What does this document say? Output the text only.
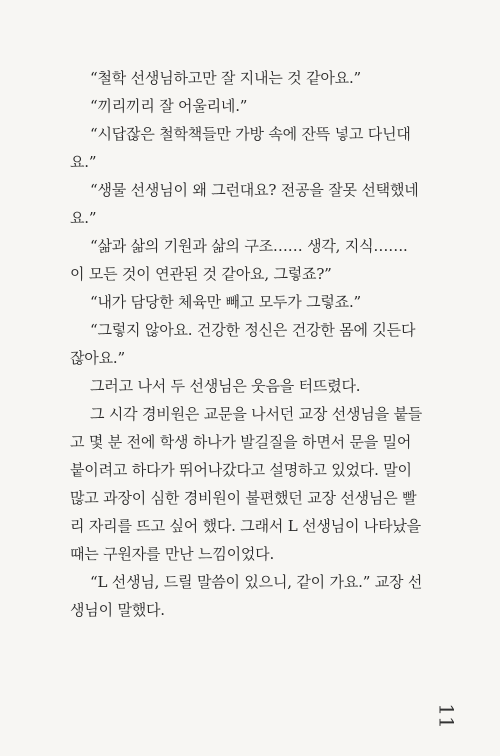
“철학 선생님하고만 잘 지내는 것 같아요.”
“끼리끼리 잘 어울리네.”
“시답잖은 철학책들만 가방 속에 잔뜩 넣고 다닌대
요.”
“생물 선생님이 왜 그런대요? 전공을 잘못 선택했네
요.”
“삶과 삶의 기원과 삶의 구조…… 생각, 지식…….
이 모든 것이 연관된 것 같아요, 그렇죠?”
“내가 담당한 체육만 빼고 모두가 그렇죠.”
“그렇지 않아요. 건강한 정신은 건강한 몸에 깃든다
잖아요.”
그러고 나서 두 선생님은 웃음을 터뜨렸다.
그 시각 경비원은 교문을 나서던 교장 선생님을 붙들
고 몇 분 전에 학생 하나가 발길질을 하면서 문을 밀어
붙이려고 하다가 뛰어나갔다고 설명하고 있었다. 말이
많고 과장이 심한 경비원이 불편했던 교장 선생님은 빨
리 자리를 뜨고 싶어 했다. 그래서 L 선생님이 나타났을
때는 구원자를 만난 느낌이었다.
“L 선생님, 드릴 말씀이 있으니, 같이 가요.” 교장 선
생님이 말했다.
11
